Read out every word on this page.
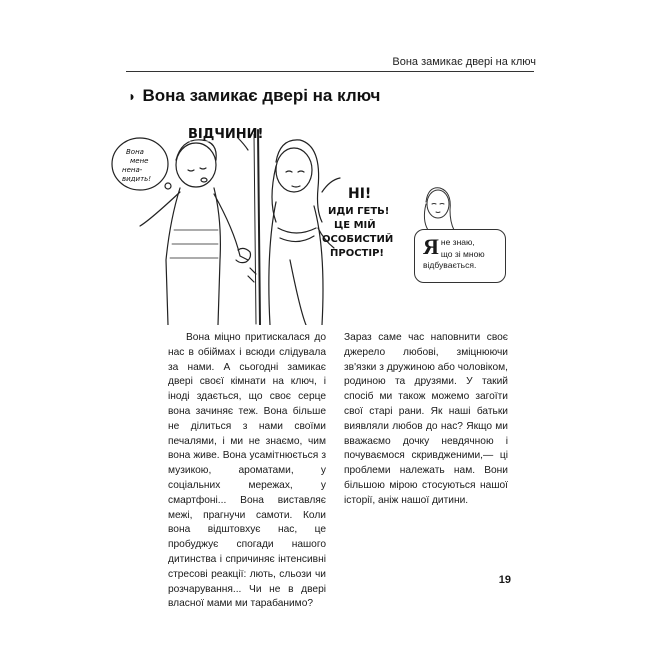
Вона замикає двері на ключ
◗ Вона замикає двері на ключ
ВІДЧИНИ!
Вона
мене
нена-
видить!
НІ!
ИДИ ГЕТЬ!
ЦЕ МІЙ
ОСОБИСТИЙ
ПРОСТІР! Я не знаю,
що зі мною
відбувається.
Вона міцно притискалася до нас в обіймах і всюди слідувала за нами. А сьогодні замикає двері своєї кімнати на ключ, і іноді здається, що своє серце вона зачиняє теж. Вона більше не ділиться з нами своїми печалями, і ми не знаємо, чим вона живе. Вона усамітнюється з музикою, ароматами, у соціальних мережах, у смартфоні... Вона виставляє межі, прагнучи самоти. Коли вона відштовхує нас, це пробуджує спогади нашого дитинства і спричиняє інтенсивні стресові реакції: лють, сльози чи розчарування... Чи не в двері власної мами ми тарабанимо?
Зараз саме час наповнити своє джерело любові, зміцнюючи зв'язки з дружиною або чоловіком, родиною та друзями. У такий спосіб ми також можемо загоїти свої старі рани. Як наші батьки виявляли любов до нас? Якщо ми вважаємо дочку невдячною і почуваємося скривдженими,— ці проблеми належать нам. Вони більшою мірою стосуються нашої історії, аніж нашої дитини.
19
